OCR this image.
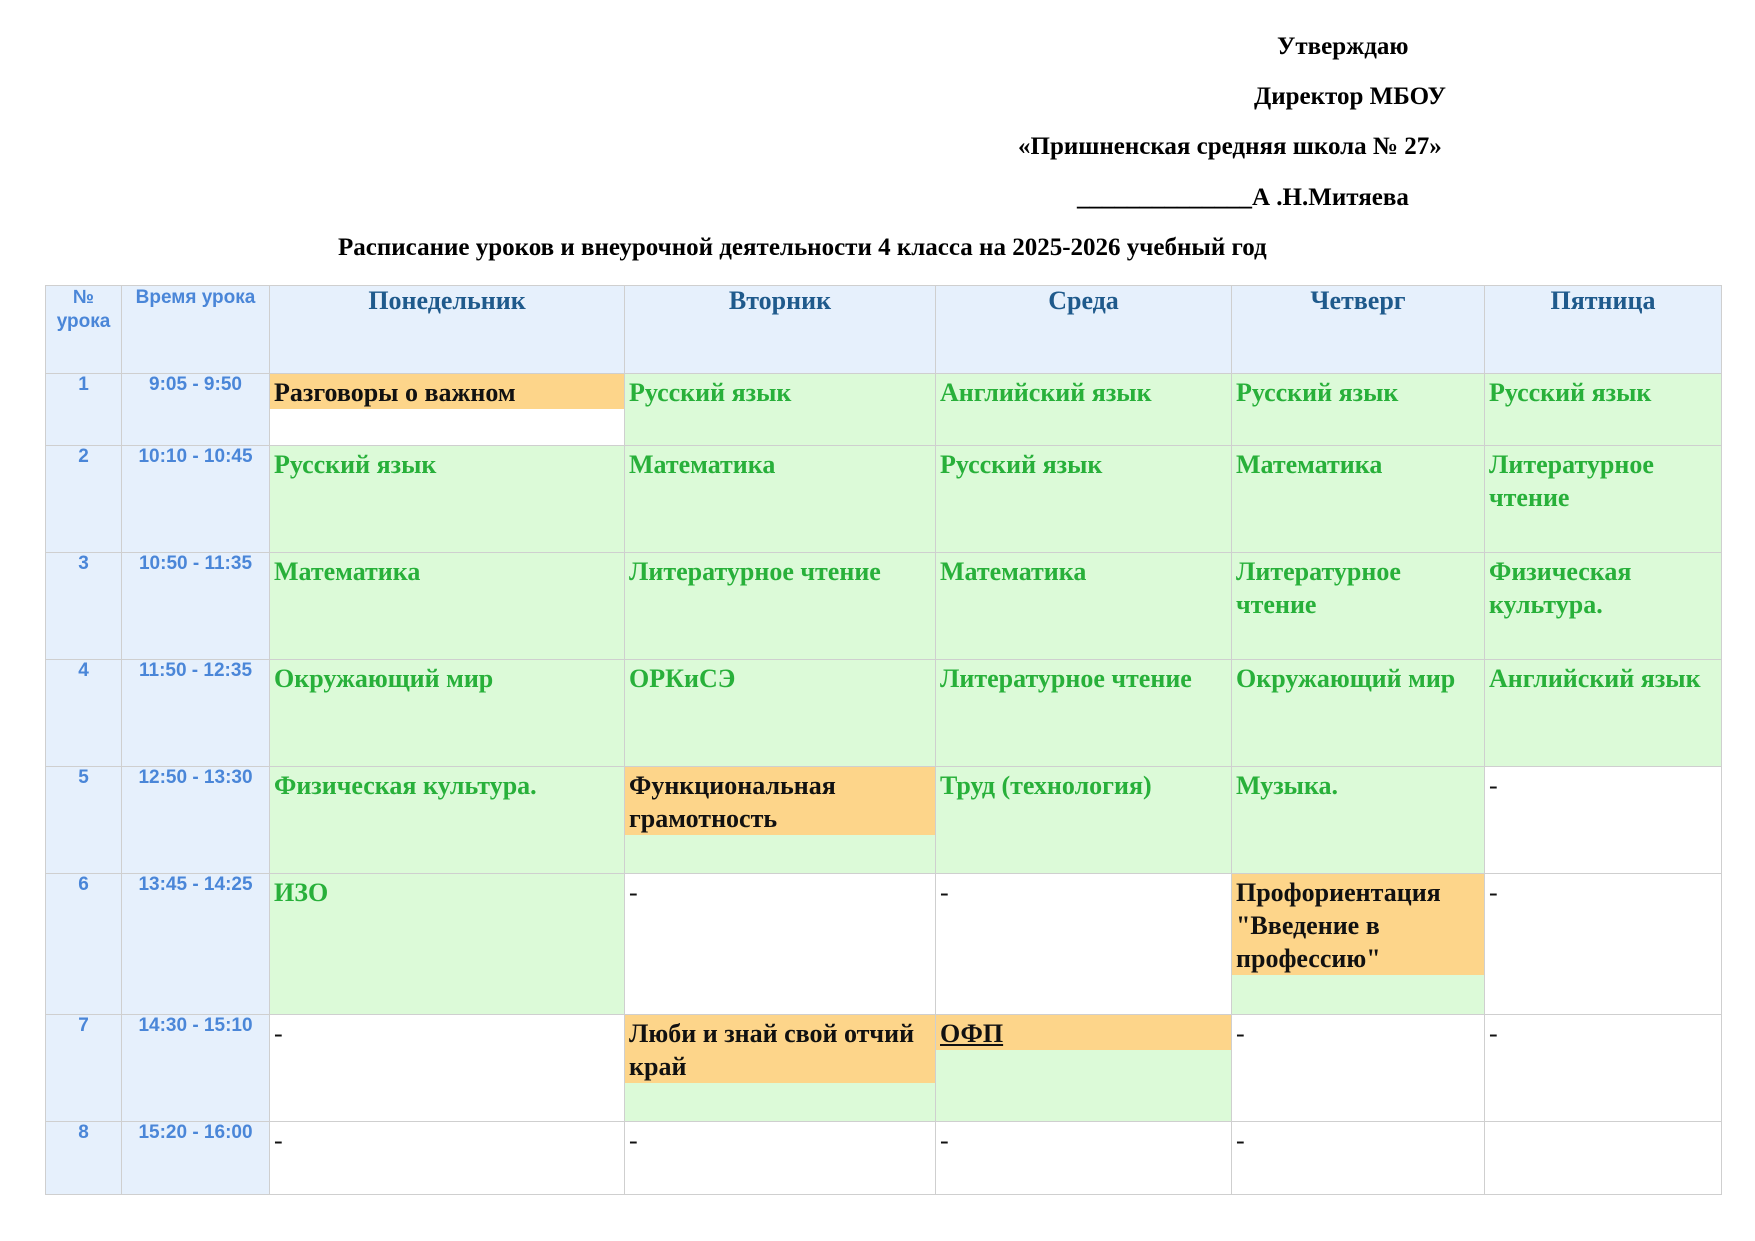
Утверждаю
Директор МБОУ
«Пришненская средняя школа № 27»
______________А .Н.Митяева
Расписание уроков и внеурочной деятельности 4 класса на 2025-2026 учебный год
№ урока	Время урока	Понедельник	Вторник	Среда	Четверг	Пятница
1	9:05 - 9:50	Разговоры о важном	Русский язык	Английский язык	Русский язык	Русский язык

2	10:10 - 10:45	Русский язык	Математика	Русский язык	Математика	Литературное чтение

3	10:50 - 11:35	Математика	Литературное чтение	Математика	Литературное чтение	Физическая культура.

4	11:50 - 12:35	Окружающий мир	ОРКиСЭ	Литературное чтение	Окружающий мир	Английский язык

5	12:50 - 13:30	Физическая культура.	Функциональная грамотность	Труд (технология)	Музыка.	-

6	13:45 - 14:25	ИЗО	-	-	Профориентация "Введение в профессию"	-

7	14:30 - 15:10	-	Люби и знай свой отчий край	ОФП	-	-

8	15:20 - 16:00	-	-	-	-	
